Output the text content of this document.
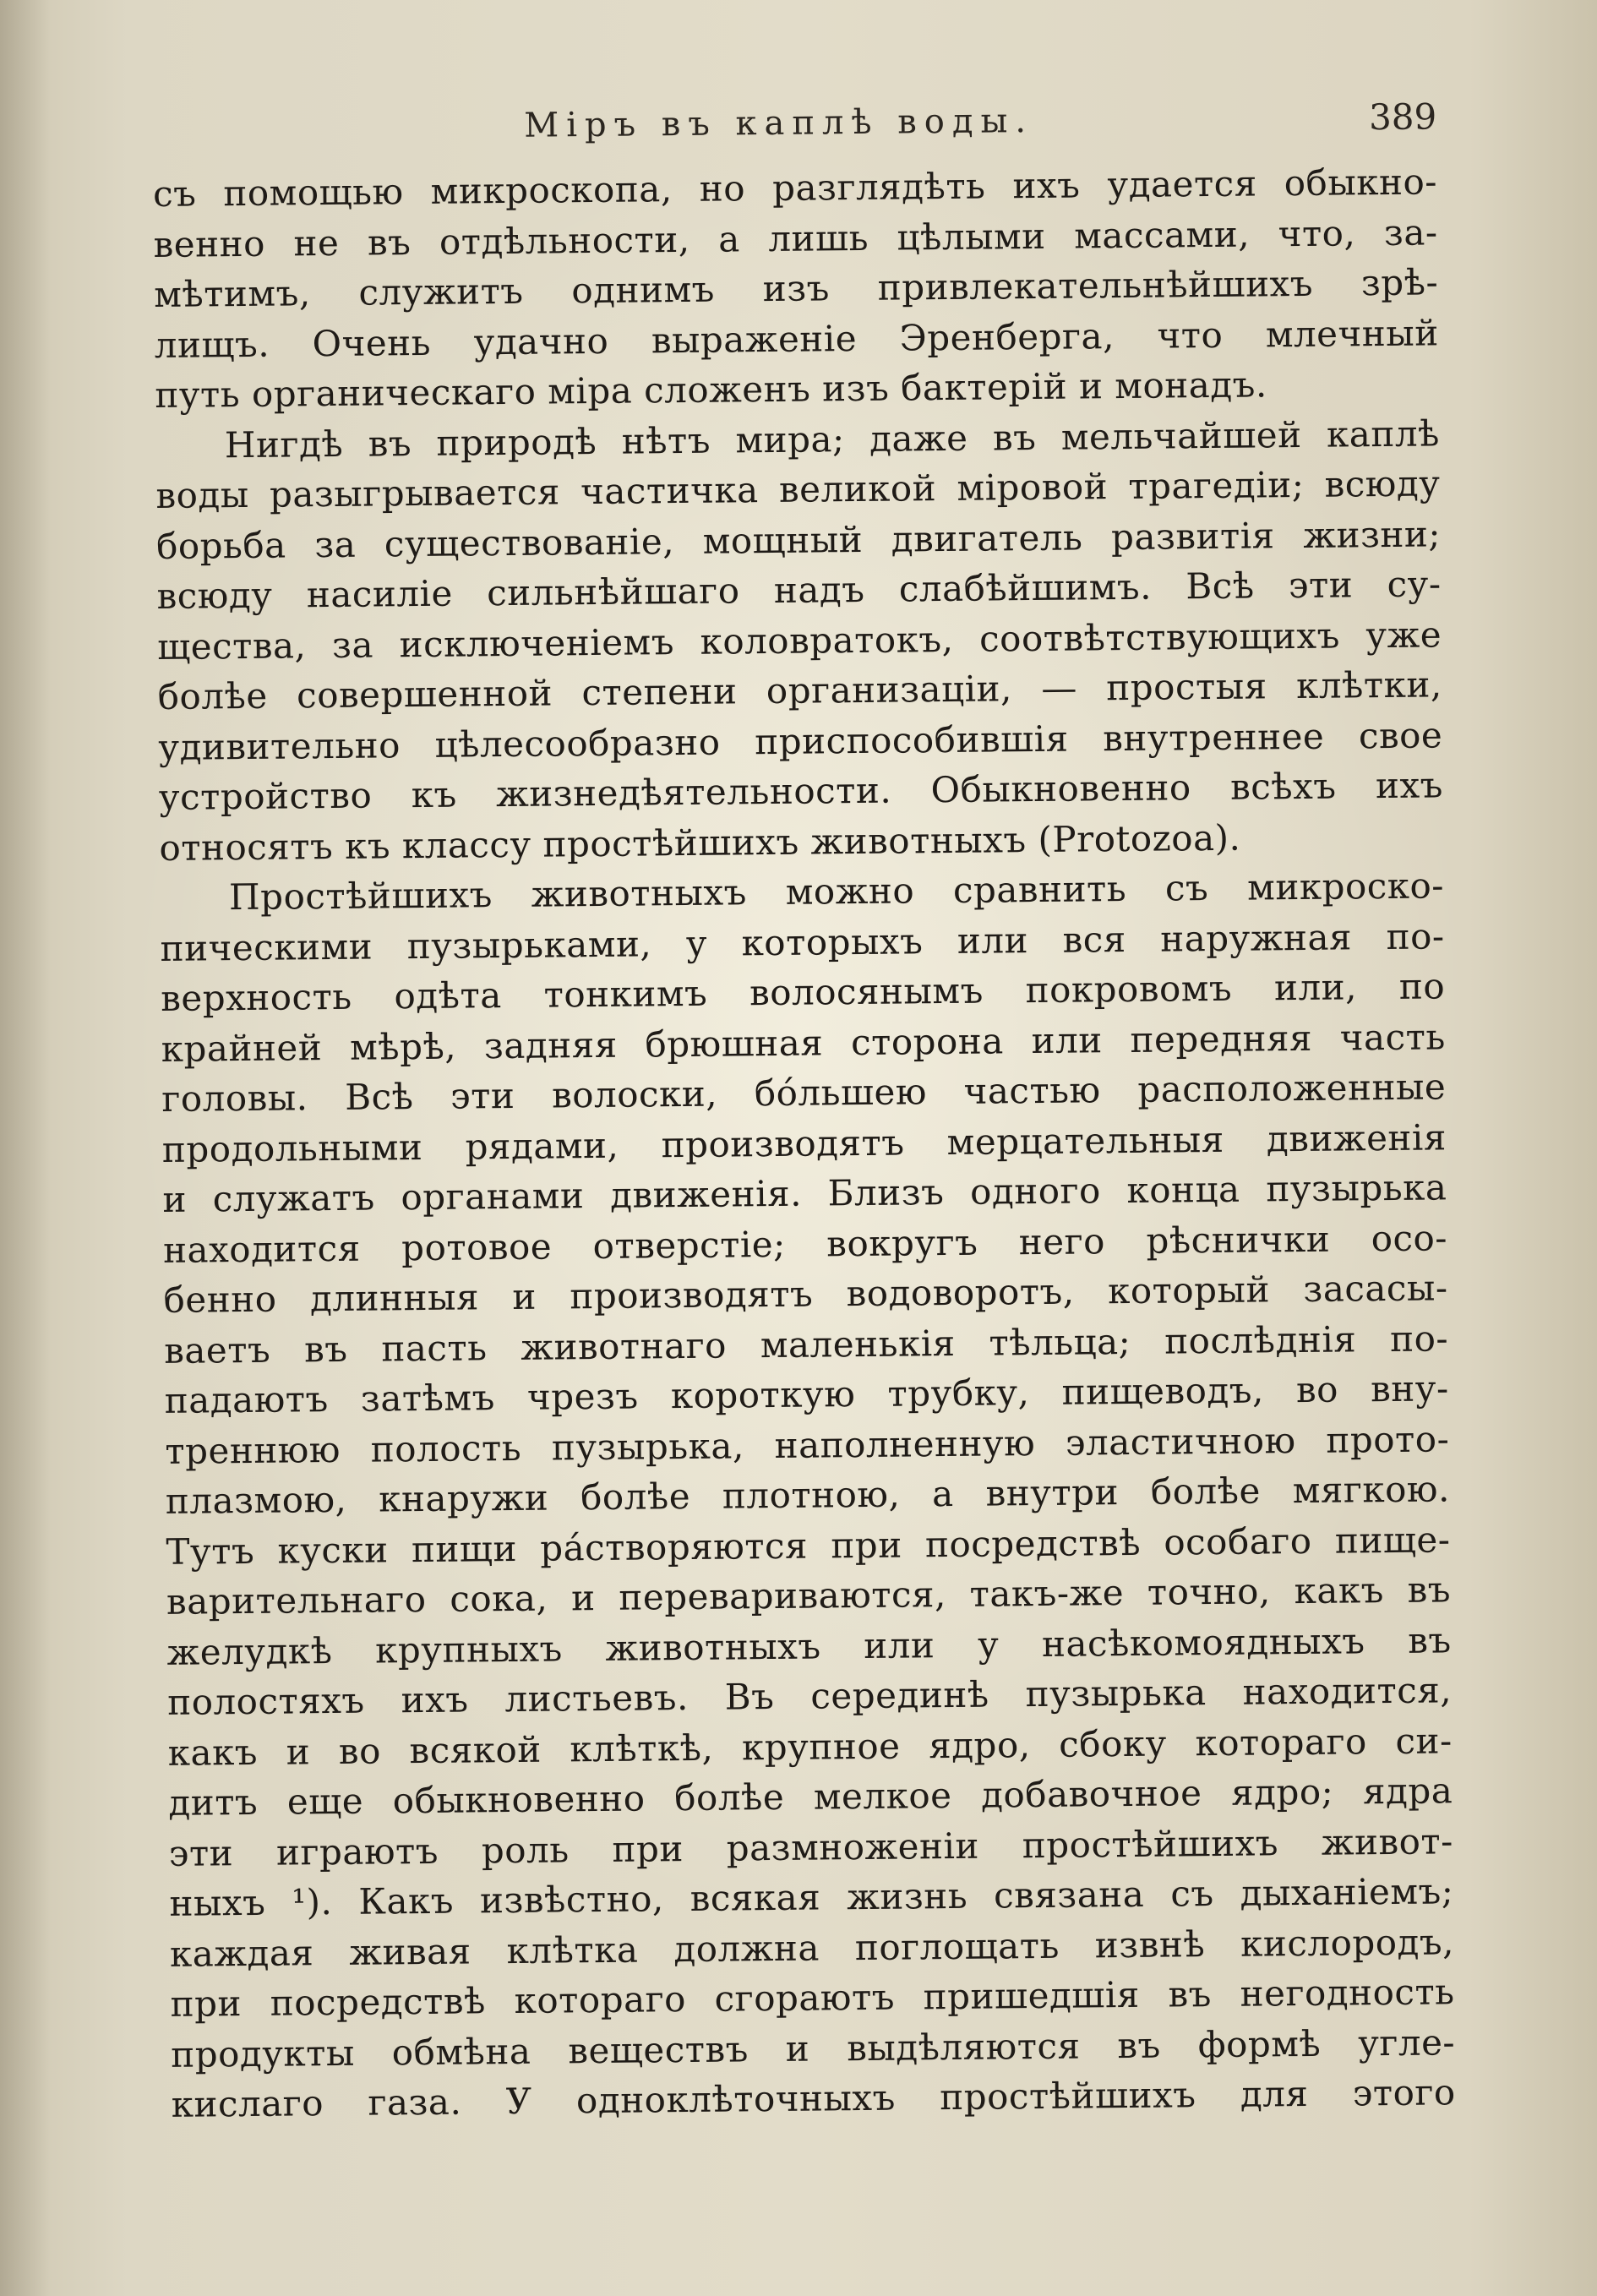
Міръ въ каплѣ воды.	389
съ помощью микроскопа, но разглядѣть ихъ удается обыкно-
венно не въ отдѣльности, а лишь цѣлыми массами, что, за-
мѣтимъ, служитъ однимъ изъ привлекательнѣйшихъ зрѣ-
лищъ. Очень удачно выраженіе Эренберга, что млечный
путь органическаго міра сложенъ изъ бактерій и монадъ.
Нигдѣ въ природѣ нѣтъ мира; даже въ мельчайшей каплѣ
воды разыгрывается частичка великой міровой трагедіи; всюду
борьба за существованіе, мощный двигатель развитія жизни;
всюду насиліе сильнѣйшаго надъ слабѣйшимъ. Всѣ эти су-
щества, за исключеніемъ коловратокъ, соотвѣтствующихъ уже
болѣе совершенной степени организаціи, — простыя клѣтки,
удивительно цѣлесообразно приспособившія внутреннее свое
устройство къ жизнедѣятельности. Обыкновенно всѣхъ ихъ
относятъ къ классу простѣйшихъ животныхъ (Protozoa).
Простѣйшихъ животныхъ можно сравнить съ микроско-
пическими пузырьками, у которыхъ или вся наружная по-
верхность одѣта тонкимъ волосянымъ покровомъ или, по
крайней мѣрѣ, задняя брюшная сторона или передняя часть
головы. Всѣ эти волоски, бо́льшею частью расположенные
продольными рядами, производятъ мерцательныя движенія
и служатъ органами движенія. Близъ одного конца пузырька
находится ротовое отверстіе; вокругъ него рѣснички осо-
бенно длинныя и производятъ водоворотъ, который засасы-
ваетъ въ пасть животнаго маленькія тѣльца; послѣднія по-
падаютъ затѣмъ чрезъ короткую трубку, пищеводъ, во вну-
треннюю полость пузырька, наполненную эластичною прото-
плазмою, кнаружи болѣе плотною, а внутри болѣе мягкою.
Тутъ куски пищи ра́створяются при посредствѣ особаго пище-
варительнаго сока, и перевариваются, такъ-же точно, какъ въ
желудкѣ крупныхъ животныхъ или у насѣкомоядныхъ въ
полостяхъ ихъ листьевъ. Въ серединѣ пузырька находится,
какъ и во всякой клѣткѣ, крупное ядро, сбоку котораго си-
дитъ еще обыкновенно болѣе мелкое добавочное ядро; ядра
эти играютъ роль при размноженіи простѣйшихъ живот-
ныхъ ¹). Какъ извѣстно, всякая жизнь связана съ дыханіемъ;
каждая живая клѣтка должна поглощать извнѣ кислородъ,
при посредствѣ котораго сгораютъ пришедшія въ негодность
продукты обмѣна веществъ и выдѣляются въ формѣ угле-
кислаго газа. У одноклѣточныхъ простѣйшихъ для этого
